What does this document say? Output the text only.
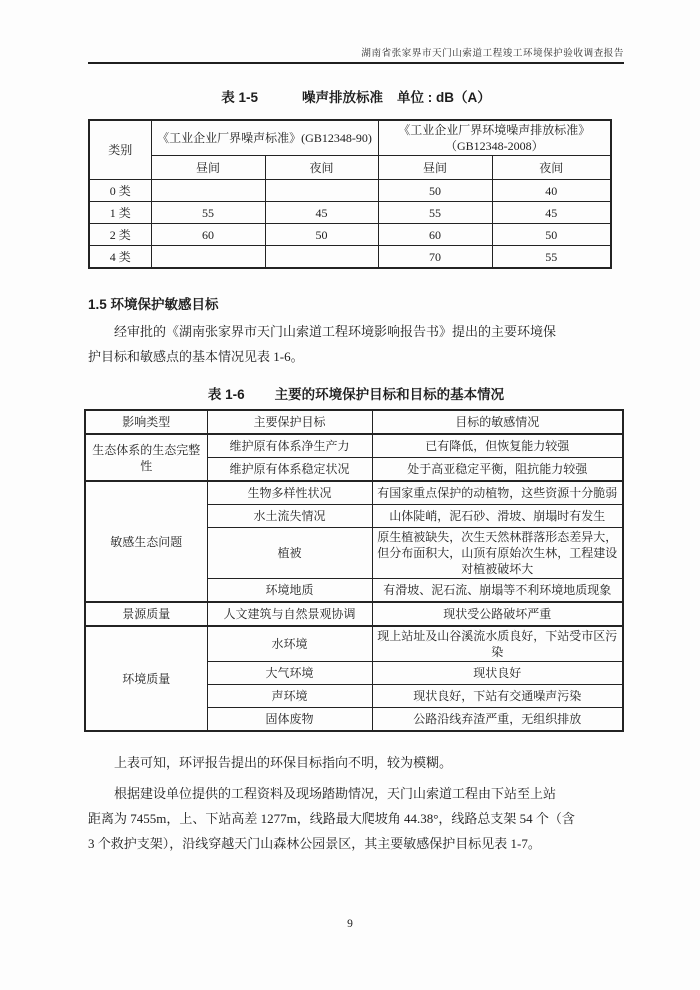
湖南省张家界市天门山索道工程竣工环境保护验收调查报告
表 1-5	噪声排放标准 单位 : dB（A）
类别	《工业企业厂界噪声标准》(GB12348-90)		《工业企业厂界环境噪声排放标准》
（GB12348-2008）	

	昼间	夜间	昼间	夜间
0 类			50	40
1 类	55	45	55	45
2 类	60	50	60	50
4 类			70	55
1.5 环境保护敏感目标
经审批的《湖南张家界市天门山索道工程环境影响报告书》提出的主要环境保
护目标和敏感点的基本情况见表 1-6。
表 1-6 主要的环境保护目标和目标的基本情况
影响类型	主要保护目标	目标的敏感情况
生态体系的生态完整性	维护原有体系净生产力	已有降低，但恢复能力较强
	维护原有体系稳定状况	处于高亚稳定平衡，阻抗能力较强
敏感生态问题	生物多样性状况	有国家重点保护的动植物，这些资源十分脆弱
	水土流失情况	山体陡峭，泥石砂、滑坡、崩塌时有发生
	植被	原生植被缺失，次生天然林群落形态差异大，但分布面积大，山顶有原始次生林，工程建设对植被破坏大
	环境地质	有滑坡、泥石流、崩塌等不利环境地质现象
景源质量	人文建筑与自然景观协调	现状受公路破坏严重
环境质量	水环境	现上站址及山谷溪流水质良好，下站受市区污染
	大气环境	现状良好
	声环境	现状良好，下站有交通噪声污染
	固体废物	公路沿线弃渣严重，无组织排放
上表可知，环评报告提出的环保目标指向不明，较为模糊。
根据建设单位提供的工程资料及现场踏勘情况，天门山索道工程由下站至上站
距离为 7455m，上、下站高差 1277m，线路最大爬坡角 44.38°，线路总支架 54 个（含
3 个救护支架），沿线穿越天门山森林公园景区，其主要敏感保护目标见表 1-7。
9
